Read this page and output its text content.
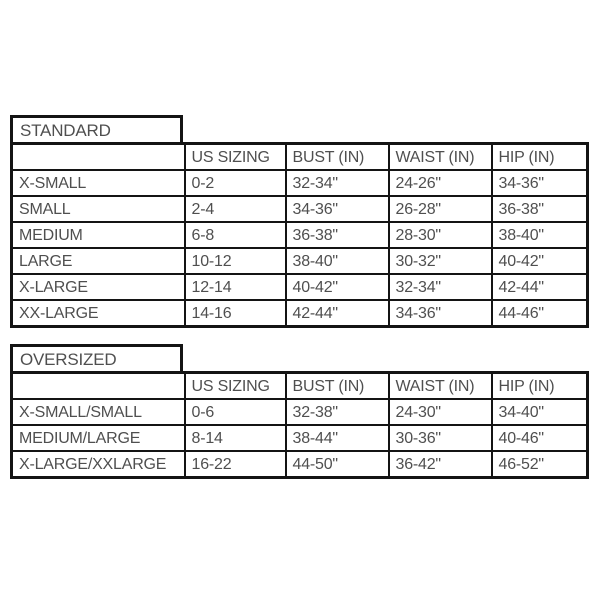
STANDARD
	US SIZING	BUST (IN)	WAIST (IN)	HIP (IN)
X-SMALL	0-2	32-34"	24-26"	34-36"
SMALL	2-4	34-36"	26-28"	36-38"
MEDIUM	6-8	36-38"	28-30"	38-40"
LARGE	10-12	38-40"	30-32"	40-42"
X-LARGE	12-14	40-42"	32-34"	42-44"
XX-LARGE	14-16	42-44"	34-36"	44-46"
OVERSIZED
	US SIZING	BUST (IN)	WAIST (IN)	HIP (IN)
X-SMALL/SMALL	0-6	32-38"	24-30"	34-40"
MEDIUM/LARGE	8-14	38-44"	30-36"	40-46"
X-LARGE/XXLARGE	16-22	44-50"	36-42"	46-52"
